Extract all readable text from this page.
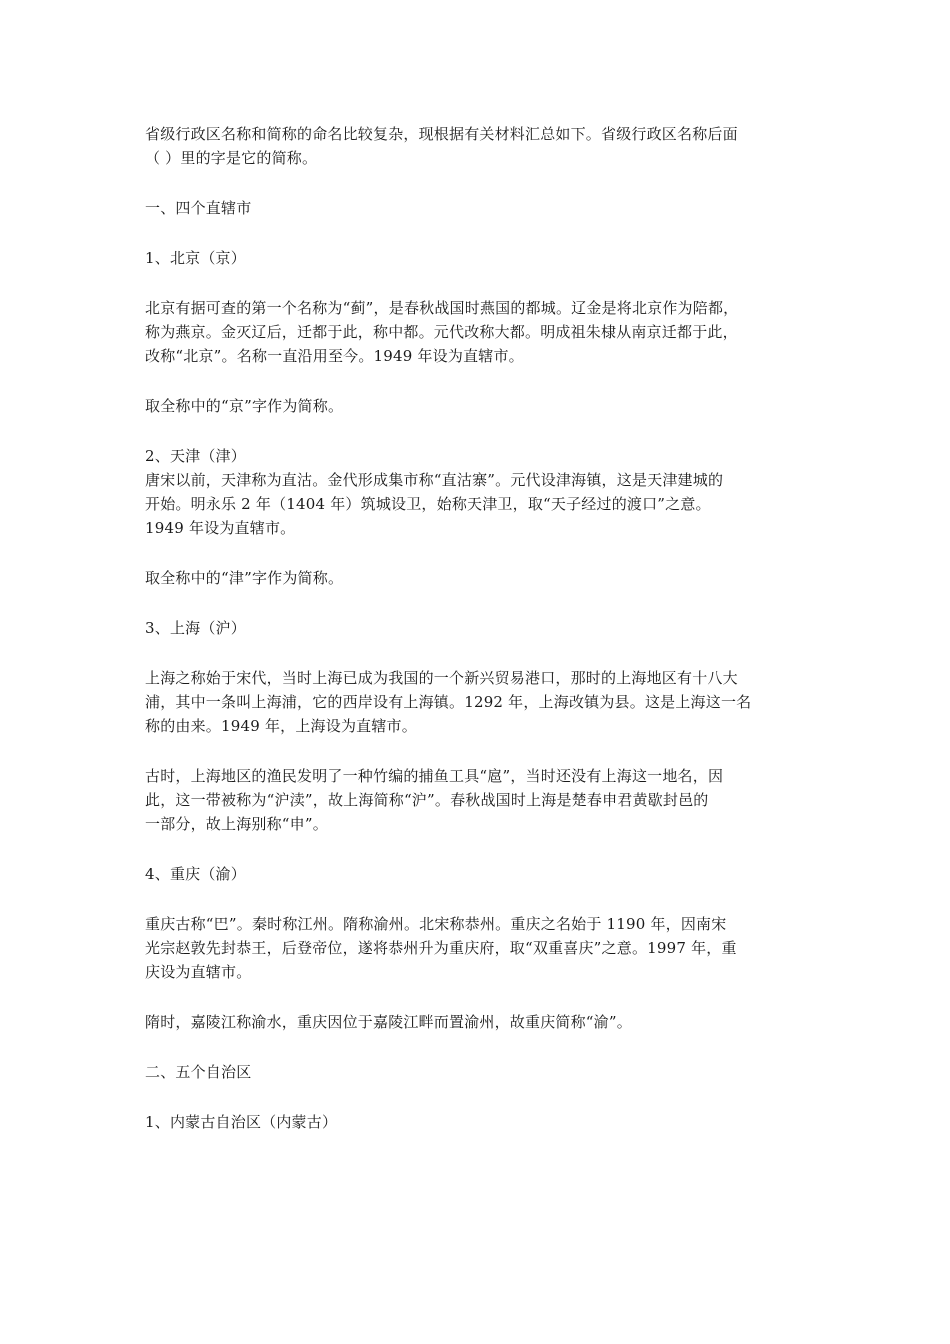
省级行政区名称和简称的命名比较复杂，现根据有关材料汇总如下。省级行政区名称后面
（ ）里的字是它的简称。
一、四个直辖市
1、北京（京）
北京有据可查的第一个名称为“蓟”，是春秋战国时燕国的都城。辽金是将北京作为陪都，
称为燕京。金灭辽后，迁都于此，称中都。元代改称大都。明成祖朱棣从南京迁都于此，
改称“北京”。名称一直沿用至今。1949 年设为直辖市。
取全称中的“京”字作为简称。
2、天津（津）
唐宋以前，天津称为直沽。金代形成集市称“直沽寨”。元代设津海镇，这是天津建城的
开始。明永乐 2 年（1404 年）筑城设卫，始称天津卫，取“天子经过的渡口”之意。
1949 年设为直辖市。
取全称中的“津”字作为简称。
3、上海（沪）
上海之称始于宋代，当时上海已成为我国的一个新兴贸易港口，那时的上海地区有十八大
浦，其中一条叫上海浦，它的西岸设有上海镇。1292 年，上海改镇为县。这是上海这一名
称的由来。1949 年，上海设为直辖市。
古时，上海地区的渔民发明了一种竹编的捕鱼工具“扈”，当时还没有上海这一地名，因
此，这一带被称为“沪渎”，故上海简称“沪”。春秋战国时上海是楚春申君黄歇封邑的
一部分，故上海别称“申”。
4、重庆（渝）
重庆古称“巴”。秦时称江州。隋称渝州。北宋称恭州。重庆之名始于 1190 年，因南宋
光宗赵敦先封恭王，后登帝位，遂将恭州升为重庆府，取“双重喜庆”之意。1997 年，重
庆设为直辖市。
隋时，嘉陵江称渝水，重庆因位于嘉陵江畔而置渝州，故重庆简称“渝”。
二、五个自治区
1、内蒙古自治区（内蒙古）
